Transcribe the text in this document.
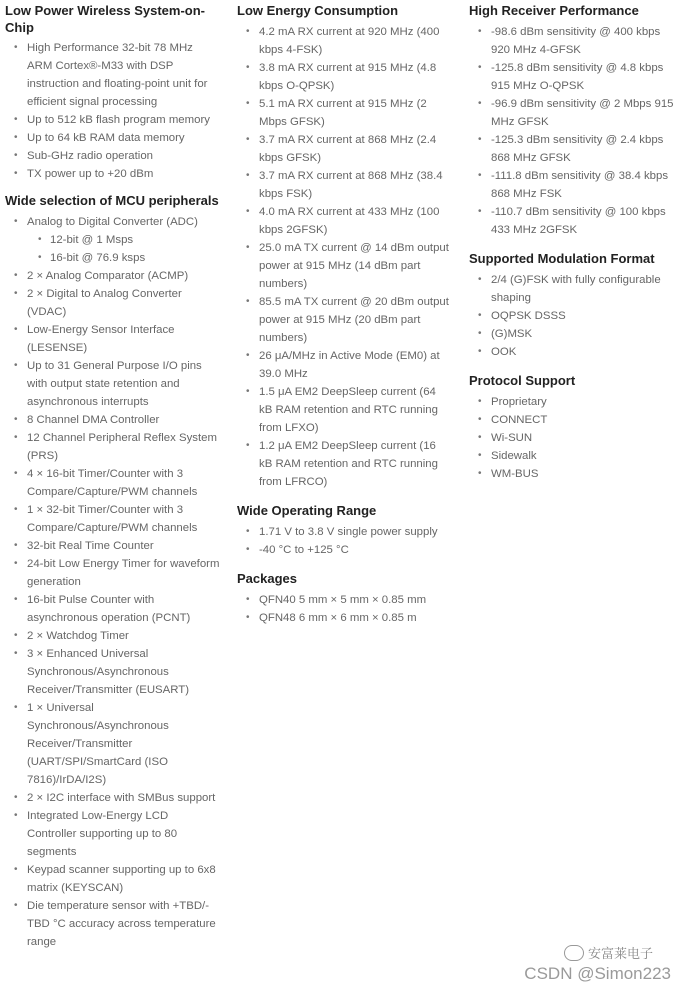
Low Power Wireless System-on-Chip
• High Performance 32-bit 78 MHz ARM Cortex®-M33 with DSP instruction and floating-point unit for efficient signal processing
• Up to 512 kB flash program memory
• Up to 64 kB RAM data memory
• Sub-GHz radio operation
• TX power up to +20 dBm
Wide selection of MCU peripherals
• Analog to Digital Converter (ADC)
• 12-bit @ 1 Msps
• 16-bit @ 76.9 ksps
• 2 × Analog Comparator (ACMP)
• 2 × Digital to Analog Converter (VDAC)
• Low-Energy Sensor Interface (LESENSE)
• Up to 31 General Purpose I/O pins with output state retention and asynchronous interrupts
• 8 Channel DMA Controller
• 12 Channel Peripheral Reflex System (PRS)
• 4 × 16-bit Timer/Counter with 3 Compare/Capture/PWM channels
• 1 × 32-bit Timer/Counter with 3 Compare/Capture/PWM channels
• 32-bit Real Time Counter
• 24-bit Low Energy Timer for waveform generation
• 16-bit Pulse Counter with asynchronous operation (PCNT)
• 2 × Watchdog Timer
• 3 × Enhanced Universal Synchronous/Asynchronous Receiver/Transmitter (EUSART)
• 1 × Universal Synchronous/Asynchronous Receiver/Transmitter (UART/SPI/SmartCard (ISO 7816)/IrDA/I2S)
• 2 × I2C interface with SMBus support
• Integrated Low-Energy LCD Controller supporting up to 80 segments
• Keypad scanner supporting up to 6x8 matrix (KEYSCAN)
• Die temperature sensor with +TBD/-TBD °C accuracy across temperature range
Low Energy Consumption
• 4.2 mA RX current at 920 MHz (400 kbps 4-FSK)
• 3.8 mA RX current at 915 MHz (4.8 kbps O-QPSK)
• 5.1 mA RX current at 915 MHz (2 Mbps GFSK)
• 3.7 mA RX current at 868 MHz (2.4 kbps GFSK)
• 3.7 mA RX current at 868 MHz (38.4 kbps FSK)
• 4.0 mA RX current at 433 MHz (100 kbps 2GFSK)
• 25.0 mA TX current @ 14 dBm output power at 915 MHz (14 dBm part numbers)
• 85.5 mA TX current @ 20 dBm output power at 915 MHz (20 dBm part numbers)
• 26 μA/MHz in Active Mode (EM0) at 39.0 MHz
• 1.5 μA EM2 DeepSleep current (64 kB RAM retention and RTC running from LFXO)
• 1.2 μA EM2 DeepSleep current (16 kB RAM retention and RTC running from LFRCO)
Wide Operating Range
• 1.71 V to 3.8 V single power supply
• -40 °C to +125 °C
Packages
• QFN40 5 mm × 5 mm × 0.85 mm
• QFN48 6 mm × 6 mm × 0.85 m
High Receiver Performance
• -98.6 dBm sensitivity @ 400 kbps 920 MHz 4-GFSK
• -125.8 dBm sensitivity @ 4.8 kbps 915 MHz O-QPSK
• -96.9 dBm sensitivity @ 2 Mbps 915 MHz GFSK
• -125.3 dBm sensitivity @ 2.4 kbps 868 MHz GFSK
• -111.8 dBm sensitivity @ 38.4 kbps 868 MHz FSK
• -110.7 dBm sensitivity @ 100 kbps 433 MHz 2GFSK
Supported Modulation Format
• 2/4 (G)FSK with fully configurable shaping
• OQPSK DSSS
• (G)MSK
• OOK
Protocol Support
• Proprietary
• CONNECT
• Wi-SUN
• Sidewalk
• WM-BUS
安富莱电子
CSDN @Simon223
